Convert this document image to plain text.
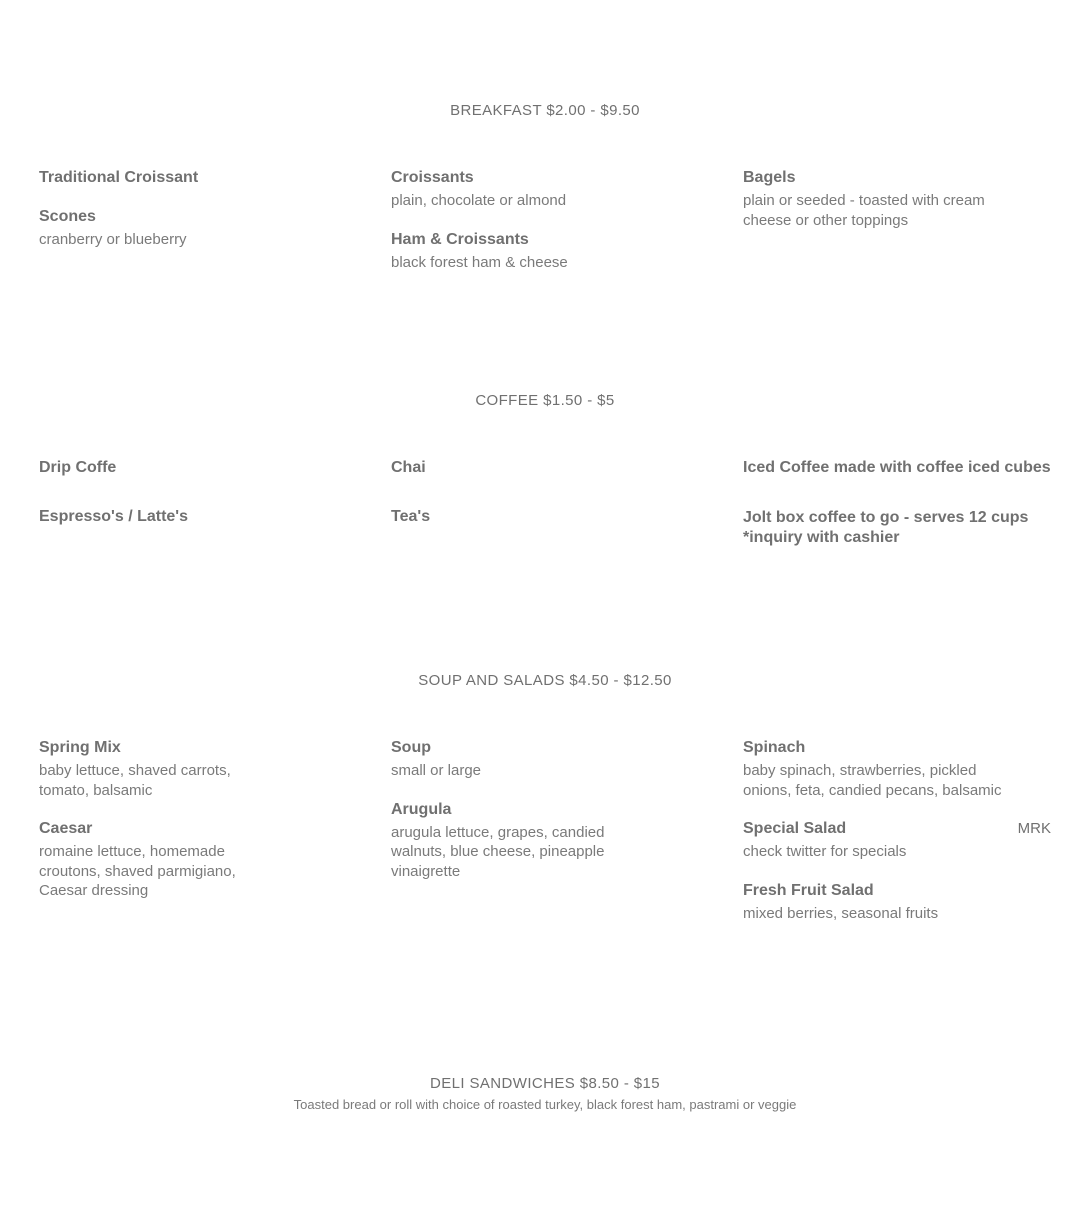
BREAKFAST $2.00 - $9.50
Traditional Croissant
Scones
cranberry or blueberry
Croissants
plain, chocolate or almond
Ham & Croissants
black forest ham & cheese
Bagels
plain or seeded - toasted with cream cheese or other toppings
COFFEE $1.50 - $5
Drip Coffe
Espresso's / Latte's
Chai
Tea's
Iced Coffee made with coffee iced cubes
Jolt box coffee to go - serves 12 cups *inquiry with cashier
SOUP AND SALADS $4.50 - $12.50
Spring Mix
baby lettuce, shaved carrots, tomato, balsamic
Caesar
romaine lettuce, homemade croutons, shaved parmigiano, Caesar dressing
Soup
small or large
Arugula
arugula lettuce, grapes, candied walnuts, blue cheese, pineapple vinaigrette
Spinach
baby spinach, strawberries, pickled onions, feta, candied pecans, balsamic
Special Salad	MRK
check twitter for specials
Fresh Fruit Salad
mixed berries, seasonal fruits
DELI SANDWICHES $8.50 - $15
Toasted bread or roll with choice of roasted turkey, black forest ham, pastrami or veggie
